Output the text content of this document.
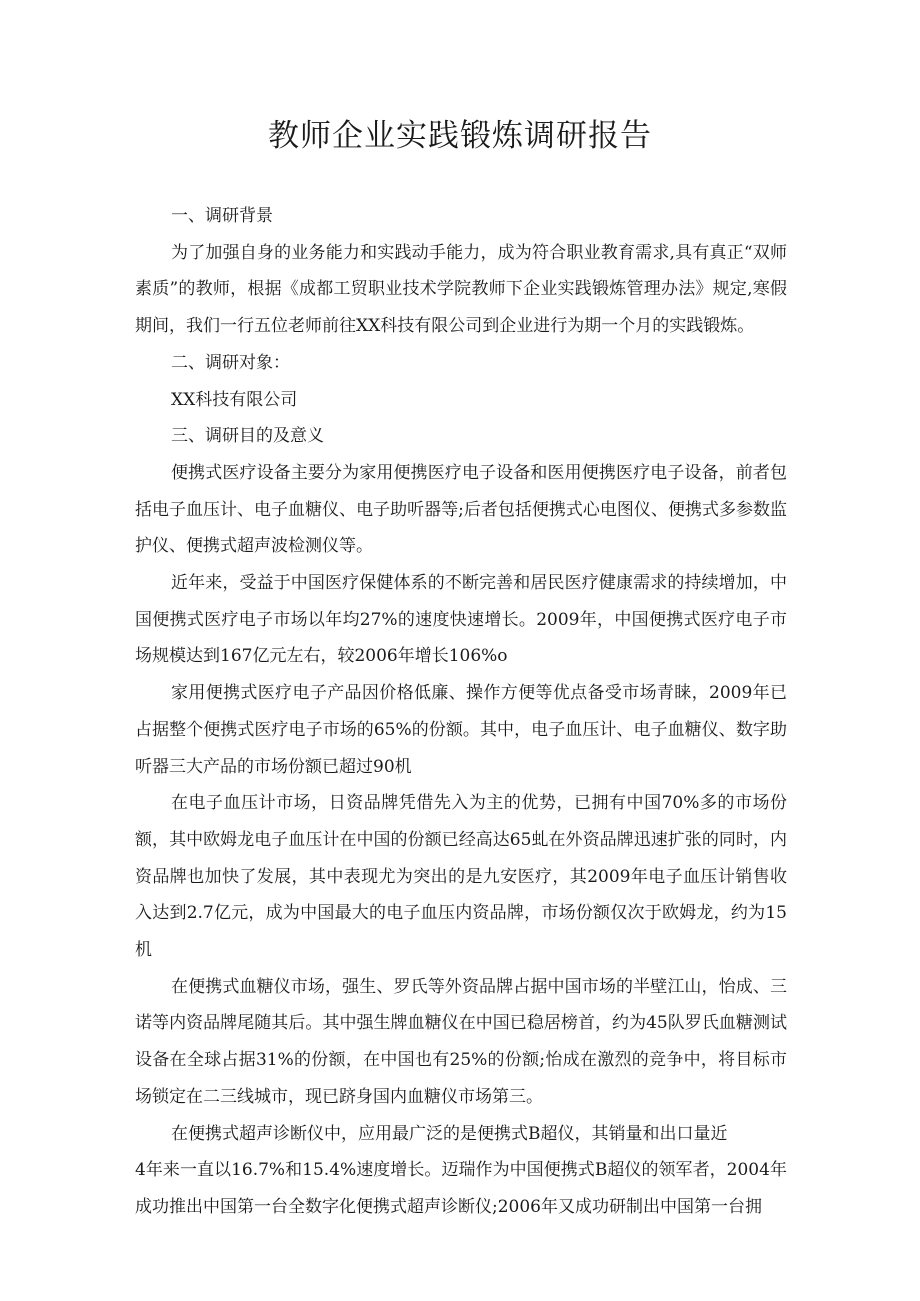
教师企业实践锻炼调研报告

一、调研背景

为了加强自身的业务能力和实践动手能力，成为符合职业教育需求,具有真正“双师素质”的教师，根据《成都工贸职业技术学院教师下企业实践锻炼管理办法》规定,寒假期间，我们一行五位老师前往XX科技有限公司到企业进行为期一个月的实践锻炼。

二、调研对象：

XX科技有限公司

三、调研目的及意义

便携式医疗设备主要分为家用便携医疗电子设备和医用便携医疗电子设备，前者包括电子血压计、电子血糖仪、电子助听器等;后者包括便携式心电图仪、便携式多参数监护仪、便携式超声波检测仪等。

近年来，受益于中国医疗保健体系的不断完善和居民医疗健康需求的持续增加，中国便携式医疗电子市场以年均27%的速度快速增长。2009年，中国便携式医疗电子市场规模达到167亿元左右，较2006年增长106%o

家用便携式医疗电子产品因价格低廉、操作方便等优点备受市场青睐，2009年已占据整个便携式医疗电子市场的65%的份额。其中，电子血压计、电子血糖仪、数字助听器三大产品的市场份额已超过90机

在电子血压计市场，日资品牌凭借先入为主的优势，已拥有中国70%多的市场份额，其中欧姆龙电子血压计在中国的份额已经高达65虬在外资品牌迅速扩张的同时，内资品牌也加快了发展，其中表现尤为突出的是九安医疗，其2009年电子血压计销售收入达到2.7亿元，成为中国最大的电子血压内资品牌，市场份额仅次于欧姆龙，约为15机

在便携式血糖仪市场，强生、罗氏等外资品牌占据中国市场的半壁江山，怡成、三诺等内资品牌尾随其后。其中强生牌血糖仪在中国已稳居榜首，约为45队罗氏血糖测试设备在全球占据31%的份额，在中国也有25%的份额;怡成在激烈的竞争中，将目标市场锁定在二三线城市，现已跻身国内血糖仪市场第三。

在便携式超声诊断仪中，应用最广泛的是便携式B超仪，其销量和出口量近

4年来一直以16.7%和15.4%速度增长。迈瑞作为中国便携式B超仪的领军者，2004年成功推出中国第一台全数字化便携式超声诊断仪;2006年又成功研制出中国第一台拥
